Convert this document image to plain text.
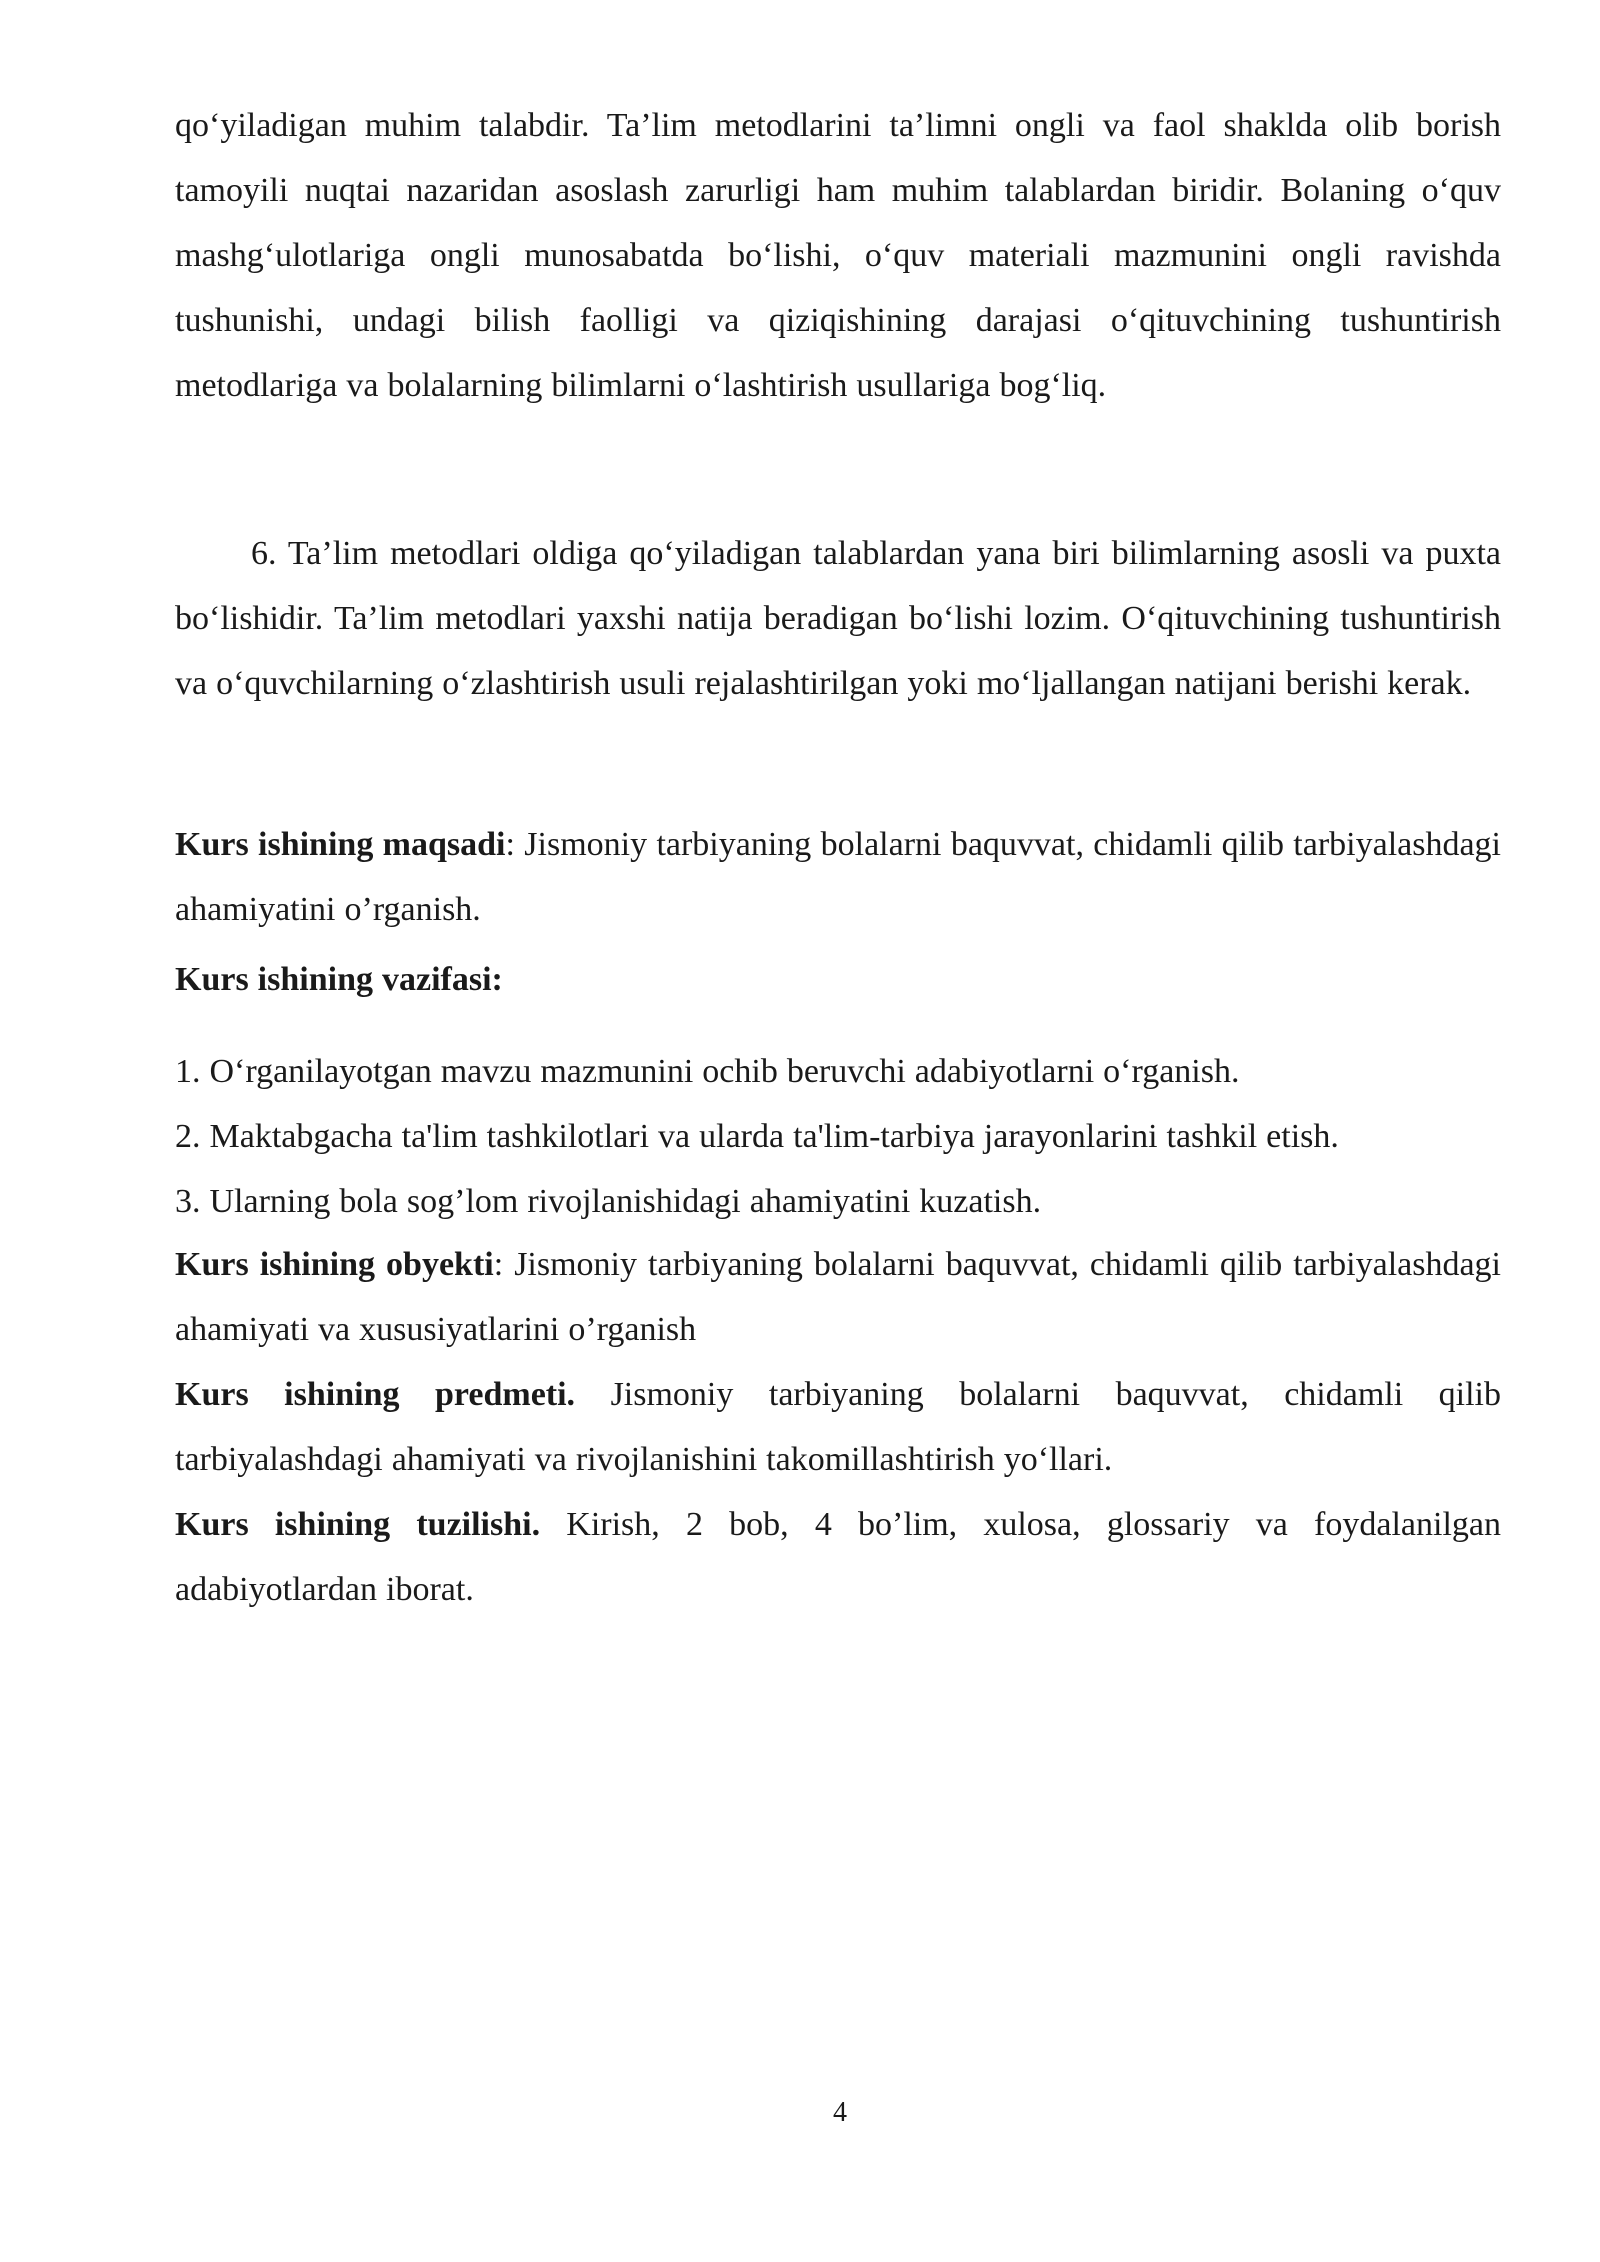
qo‘yiladigan muhim talabdir. Ta’lim metodlarini ta’limni ongli va faol shaklda olib borish tamoyili nuqtai nazaridan asoslash zarurligi ham muhim talablardan biridir. Bolaning o‘quv mashg‘ulotlariga ongli munosabatda bo‘lishi, o‘quv materiali mazmunini ongli ravishda tushunishi, undagi bilish faolligi va qiziqishining darajasi o‘qituvchining tushuntirish metodlariga va bolalarning bilimlarni o‘lashtirish usullariga bog‘liq.

6. Ta’lim metodlari oldiga qo‘yiladigan talablardan yana biri bilimlarning asosli va puxta bo‘lishidir. Ta’lim metodlari yaxshi natija beradigan bo‘lishi lozim. O‘qituvchining tushuntirish va o‘quvchilarning o‘zlashtirish usuli rejalashtirilgan yoki mo‘ljallangan natijani berishi kerak.

Kurs ishining maqsadi: Jismoniy tarbiyaning bolalarni baquvvat, chidamli qilib tarbiyalashdagi ahamiyatini o’rganish.

Kurs ishining vazifasi:

1. O‘rganilayotgan mavzu mazmunini ochib beruvchi adabiyotlarni o‘rganish.
2. Maktabgacha ta'lim tashkilotlari va ularda ta'lim-tarbiya jarayonlarini tashkil etish.
3. Ularning bola sog’lom rivojlanishidagi ahamiyatini kuzatish.

Kurs ishining obyekti: Jismoniy tarbiyaning bolalarni baquvvat, chidamli qilib tarbiyalashdagi ahamiyati va xususiyatlarini o’rganish

Kurs ishining predmeti. Jismoniy tarbiyaning bolalarni baquvvat, chidamli qilib tarbiyalashdagi ahamiyati va rivojlanishini takomillashtirish yo‘llari.

Kurs ishining tuzilishi. Kirish, 2 bob, 4 bo’lim, xulosa, glossariy va foydalanilgan adabiyotlardan iborat.

4
